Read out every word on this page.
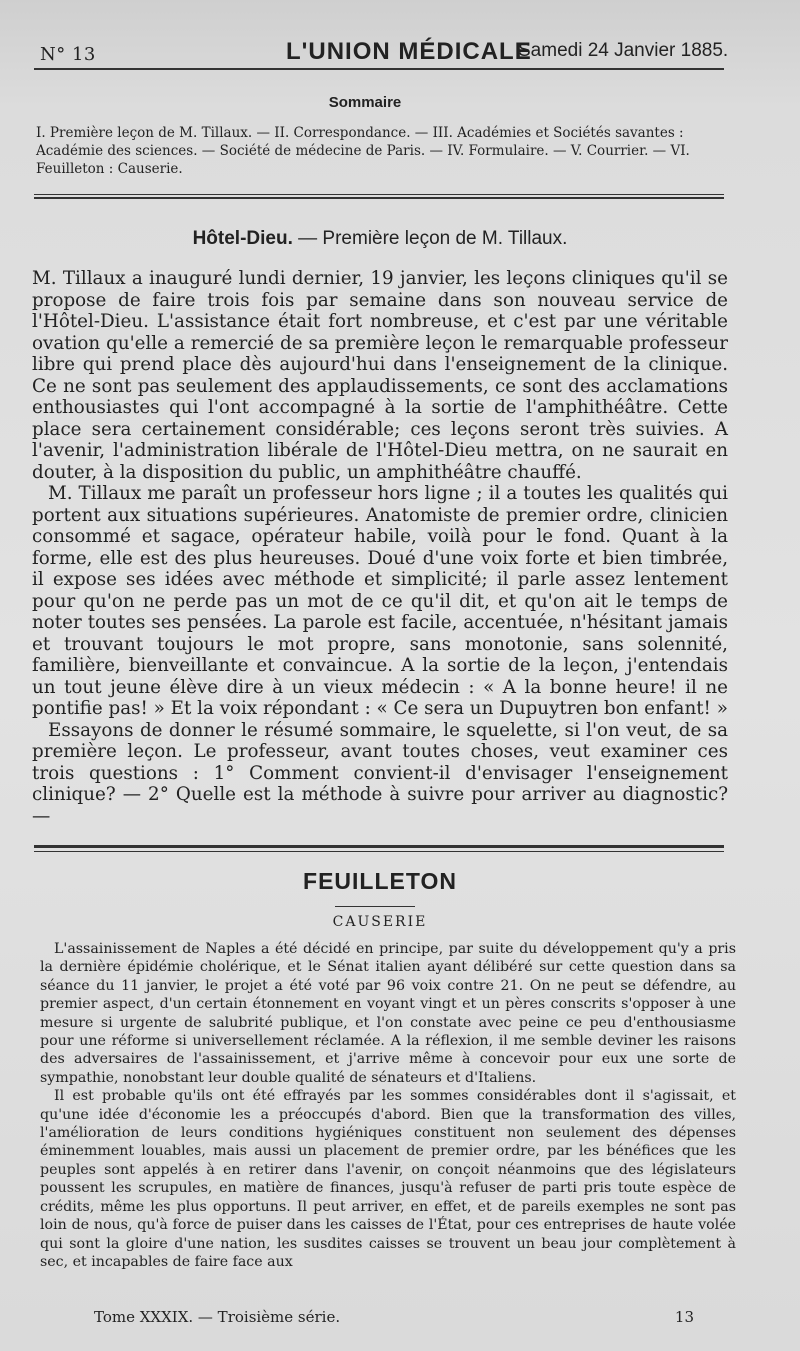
N° 13	L'UNION MÉDICALE
Samedi 24 Janvier 1885.
Sommaire
I. Première leçon de M. Tillaux. — II. Correspondance. — III. Académies et Sociétés savantes : Académie des sciences. — Société de médecine de Paris. — IV. Formulaire. — V. Courrier. — VI. Feuilleton : Causerie.
Hôtel-Dieu. — Première leçon de M. Tillaux.

M. Tillaux a inauguré lundi dernier, 19 janvier, les leçons cliniques qu'il se propose de faire trois fois par semaine dans son nouveau service de l'Hôtel-Dieu. L'assistance était fort nombreuse, et c'est par une véritable ovation qu'elle a remercié de sa première leçon le remarquable professeur libre qui prend place dès aujourd'hui dans l'enseignement de la clinique. Ce ne sont pas seulement des applaudissements, ce sont des acclamations enthousiastes qui l'ont accompagné à la sortie de l'amphithéâtre. Cette place sera certainement considérable; ces leçons seront très suivies. A l'avenir, l'administration libérale de l'Hôtel-Dieu mettra, on ne saurait en douter, à la disposition du public, un amphithéâtre chauffé.

M. Tillaux me paraît un professeur hors ligne ; il a toutes les qualités qui portent aux situations supérieures. Anatomiste de premier ordre, clinicien consommé et sagace, opérateur habile, voilà pour le fond. Quant à la forme, elle est des plus heureuses. Doué d'une voix forte et bien timbrée, il expose ses idées avec méthode et simplicité; il parle assez lentement pour qu'on ne perde pas un mot de ce qu'il dit, et qu'on ait le temps de noter toutes ses pensées. La parole est facile, accentuée, n'hésitant jamais et trouvant toujours le mot propre, sans monotonie, sans solennité, familière, bienveillante et convaincue. A la sortie de la leçon, j'entendais un tout jeune élève dire à un vieux médecin : « A la bonne heure! il ne pontifie pas! » Et la voix répondant : « Ce sera un Dupuytren bon enfant! »

Essayons de donner le résumé sommaire, le squelette, si l'on veut, de sa première leçon. Le professeur, avant toutes choses, veut examiner ces trois questions : 1° Comment convient-il d'envisager l'enseignement clinique? — 2° Quelle est la méthode à suivre pour arriver au diagnostic? —

FEUILLETON
CAUSERIE

L'assainissement de Naples a été décidé en principe, par suite du développement qu'y a pris la dernière épidémie cholérique, et le Sénat italien ayant délibéré sur cette question dans sa séance du 11 janvier, le projet a été voté par 96 voix contre 21. On ne peut se défendre, au premier aspect, d'un certain étonnement en voyant vingt et un pères conscrits s'opposer à une mesure si urgente de salubrité publique, et l'on constate avec peine ce peu d'enthousiasme pour une réforme si universellement réclamée. A la réflexion, il me semble deviner les raisons des adversaires de l'assainissement, et j'arrive même à concevoir pour eux une sorte de sympathie, nonobstant leur double qualité de sénateurs et d'Italiens.

Il est probable qu'ils ont été effrayés par les sommes considérables dont il s'agissait, et qu'une idée d'économie les a préoccupés d'abord. Bien que la transformation des villes, l'amélioration de leurs conditions hygiéniques constituent non seulement des dépenses éminemment louables, mais aussi un placement de premier ordre, par les bénéfices que les peuples sont appelés à en retirer dans l'avenir, on conçoit néanmoins que des législateurs poussent les scrupules, en matière de finances, jusqu'à refuser de parti pris toute espèce de crédits, même les plus opportuns. Il peut arriver, en effet, et de pareils exemples ne sont pas loin de nous, qu'à force de puiser dans les caisses de l'État, pour ces entreprises de haute volée qui sont la gloire d'une nation, les susdites caisses se trouvent un beau jour complètement à sec, et incapables de faire face aux

Tome XXXIX. — Troisième série.	13
